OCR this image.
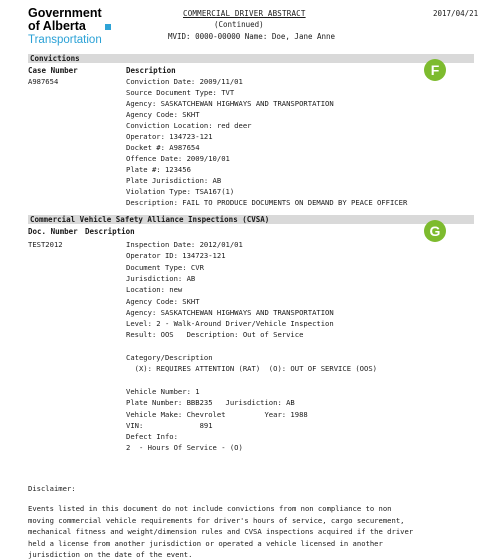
Government
of Alberta
Transportation
COMMERCIAL DRIVER ABSTRACT
(Continued)
2017/04/21
MVID: 0000-00000 Name: Doe, Jane Anne
Convictions
F
Case Number	Description
A987654	Conviction Date: 2009/11/01
Source Document Type: TVT
Agency: SASKATCHEWAN HIGHWAYS AND TRANSPORTATION
Agency Code: SKHT
Conviction Location: red deer
Operator: 134723-121
Docket #: A987654
Offence Date: 2009/10/01
Plate #: 123456
Plate Jurisdiction: AB
Violation Type: TSA167(1)
Description: FAIL TO PRODUCE DOCUMENTS ON DEMAND BY PEACE OFFICER
Commercial Vehicle Safety Alliance Inspections (CVSA)
G
Doc. Number Description
TEST2012	Inspection Date: 2012/01/01
Operator ID: 134723-121
Document Type: CVR
Jurisdiction: AB
Location: new
Agency Code: SKHT
Agency: SASKATCHEWAN HIGHWAYS AND TRANSPORTATION
Level: 2 - Walk-Around Driver/Vehicle Inspection
Result: OOS   Description: Out of Service
Category/Description
(X): REQUIRES ATTENTION (RAT)  (O): OUT OF SERVICE (OOS)
Vehicle Number: 1
Plate Number: BBB235   Jurisdiction: AB
Vehicle Make: Chevrolet         Year: 1988
VIN:             891
Defect Info:
2  - Hours Of Service - (O)
Disclaimer:
Events listed in this document do not include convictions from non compliance to non
moving commercial vehicle requirements for driver's hours of service, cargo securement,
mechanical fitness and weight/dimension rules and CVSA inspections acquired if the driver
held a license from another jurisdiction or operated a vehicle licensed in another
jurisdiction on the date of the event.
